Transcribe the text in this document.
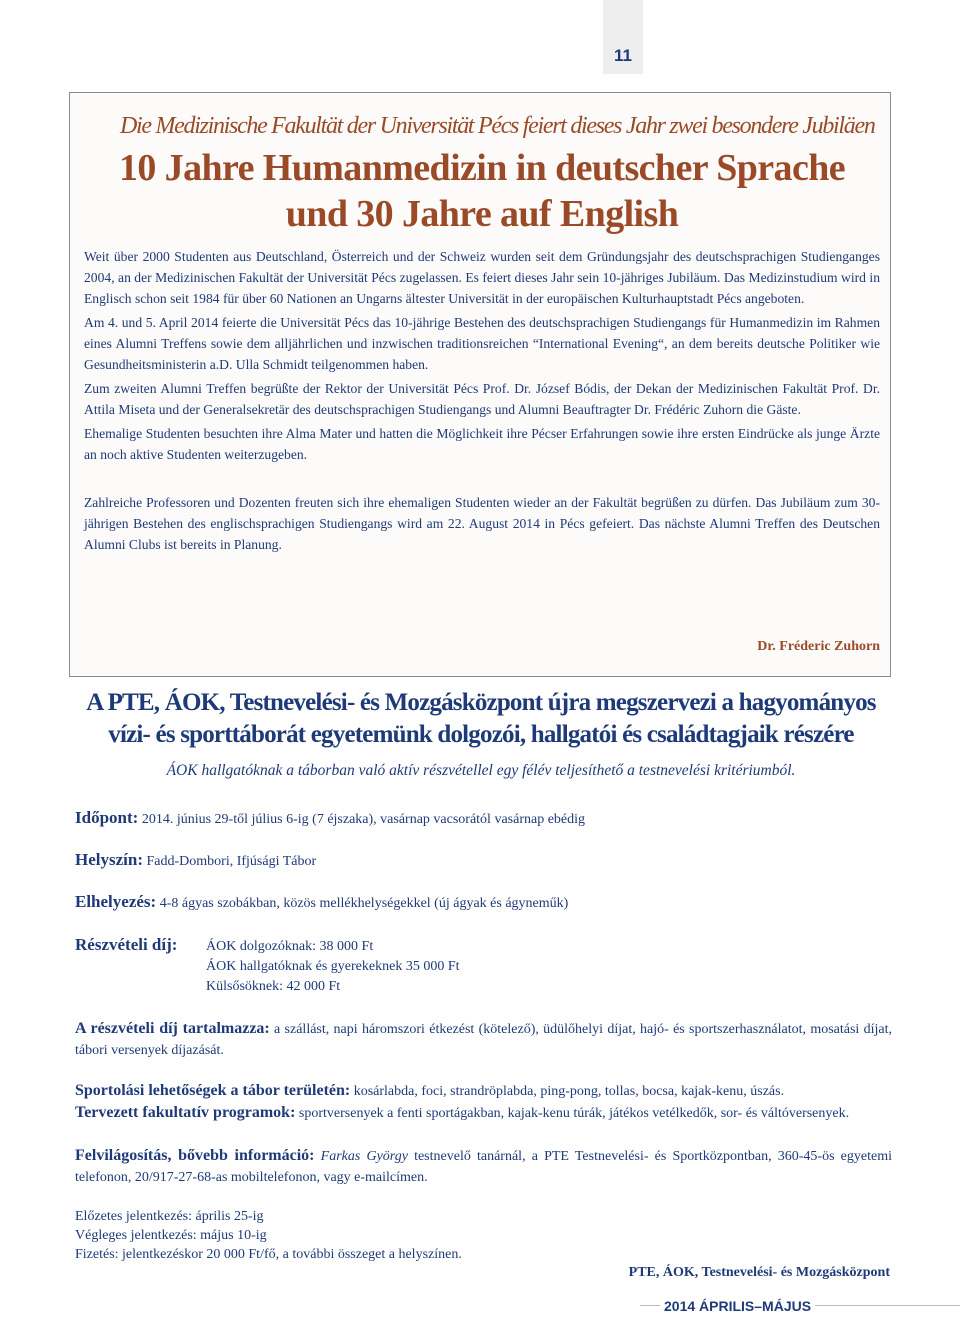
11

Die Medizinische Fakultät der Universität Pécs feiert dieses Jahr zwei besondere Jubiläen

10 Jahre Humanmedizin in deutscher Sprache

und 30 Jahre auf English

Weit über 2000 Studenten aus Deutschland, Österreich und der Schweiz wurden seit dem Gründungsjahr des deutschsprachigen Studienganges 2004, an der Medizinischen Fakultät der Universität Pécs zugelassen. Es feiert dieses Jahr sein 10-jähriges Jubiläum. Das Medizinstudium wird in Englisch schon seit 1984 für über 60 Nationen an Ungarns ältester Universität in der europäischen Kulturhauptstadt Pécs angeboten.

Am 4. und 5. April 2014 feierte die Universität Pécs das 10-jährige Bestehen des deutschsprachigen Studiengangs für Humanmedizin im Rahmen eines Alumni Treffens sowie dem alljährlichen und inzwischen traditionsreichen “International Evening“, an dem bereits deutsche Politiker wie Gesundheitsministerin a.D. Ulla Schmidt teilgenommen haben.

Zum zweiten Alumni Treffen begrüßte der Rektor der Universität Pécs Prof. Dr. József Bódis, der Dekan der Medizinischen Fakultät Prof. Dr. Attila Miseta und der Generalsekretär des deutschsprachigen Studiengangs und Alumni Beauftragter Dr. Frédéric Zuhorn die Gäste.

Ehemalige Studenten besuchten ihre Alma Mater und hatten die Möglichkeit ihre Pécser Erfahrungen sowie ihre ersten Eindrücke als junge Ärzte an noch aktive Studenten weiterzugeben.

Zahlreiche Professoren und Dozenten freuten sich ihre ehemaligen Studenten wieder an der Fakultät begrüßen zu dürfen. Das Jubiläum zum 30-jährigen Bestehen des englischsprachigen Studiengangs wird am 22. August 2014 in Pécs gefeiert. Das nächste Alumni Treffen des Deutschen Alumni Clubs ist bereits in Planung.

Dr. Fréderic Zuhorn
A PTE, ÁOK, Testnevelési- és Mozgásközpont újra megszervezi a hagyományos
vízi- és sporttáborát egyetemünk dolgozói, hallgatói és családtagjaik részére
ÁOK hallgatóknak a táborban való aktív részvétellel egy félév teljesíthető a testnevelési kritériumból.
Időpont: 2014. június 29-től július 6-ig (7 éjszaka), vasárnap vacsorától vasárnap ebédig
Helyszín: Fadd-Dombori, Ifjúsági Tábor
Elhelyezés: 4-8 ágyas szobákban, közös mellékhelységekkel (új ágyak és ágyneműk)
Részvételi díj:	ÁOK dolgozóknak: 38 000 Ft
ÁOK hallgatóknak és gyerekeknek 35 000 Ft
Külsősöknek: 42 000 Ft
A részvételi díj tartalmazza: a szállást, napi háromszori étkezést (kötelező), üdülőhelyi díjat, hajó- és sportszerhasználatot, mosatási díjat, tábori versenyek díjazását.
Sportolási lehetőségek a tábor területén: kosárlabda, foci, strandröplabda, ping-pong, tollas, bocsa, kajak-kenu, úszás.
Tervezett fakultatív programok: sportversenyek a fenti sportágakban, kajak-kenu túrák, játékos vetélkedők, sor- és váltóversenyek.
Felvilágosítás, bővebb információ: Farkas György testnevelő tanárnál, a PTE Testnevelési- és Sportközpontban, 360-45-ös egyetemi telefonon, 20/917-27-68-as mobiltelefonon, vagy e-mailcímen.
Előzetes jelentkezés: április 25-ig
Végleges jelentkezés: május 10-ig
Fizetés: jelentkezéskor 20 000 Ft/fő, a további összeget a helyszínen.
PTE, ÁOK, Testnevelési- és Mozgásközpont
2014 ÁPRILIS–MÁJUS
